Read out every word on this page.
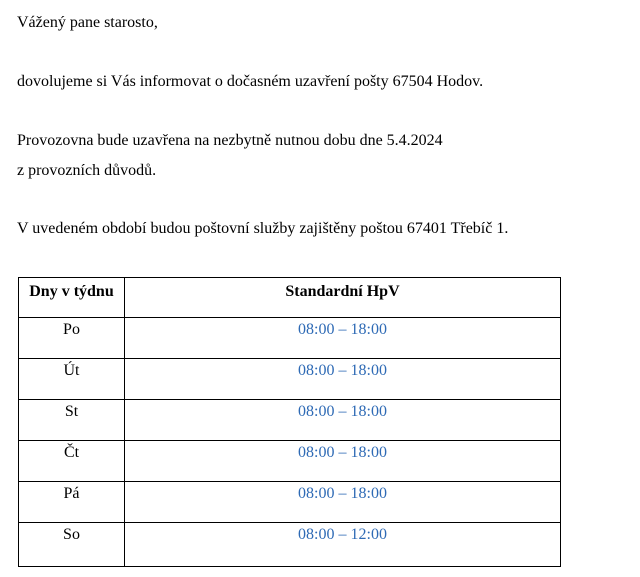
Vážený pane starosto,

dovolujeme si Vás informovat o dočasném uzavření pošty 67504 Hodov.

Provozovna bude uzavřena na nezbytně nutnou dobu dne 5.4.2024

z provozních důvodů.

V uvedeném období budou poštovní služby zajištěny poštou 67401 Třebíč 1.

Dny v týdnu	Standardní HpV
Po	08:00 – 18:00
Út	08:00 – 18:00
St	08:00 – 18:00
Čt	08:00 – 18:00
Pá	08:00 – 18:00
So	08:00 – 12:00
